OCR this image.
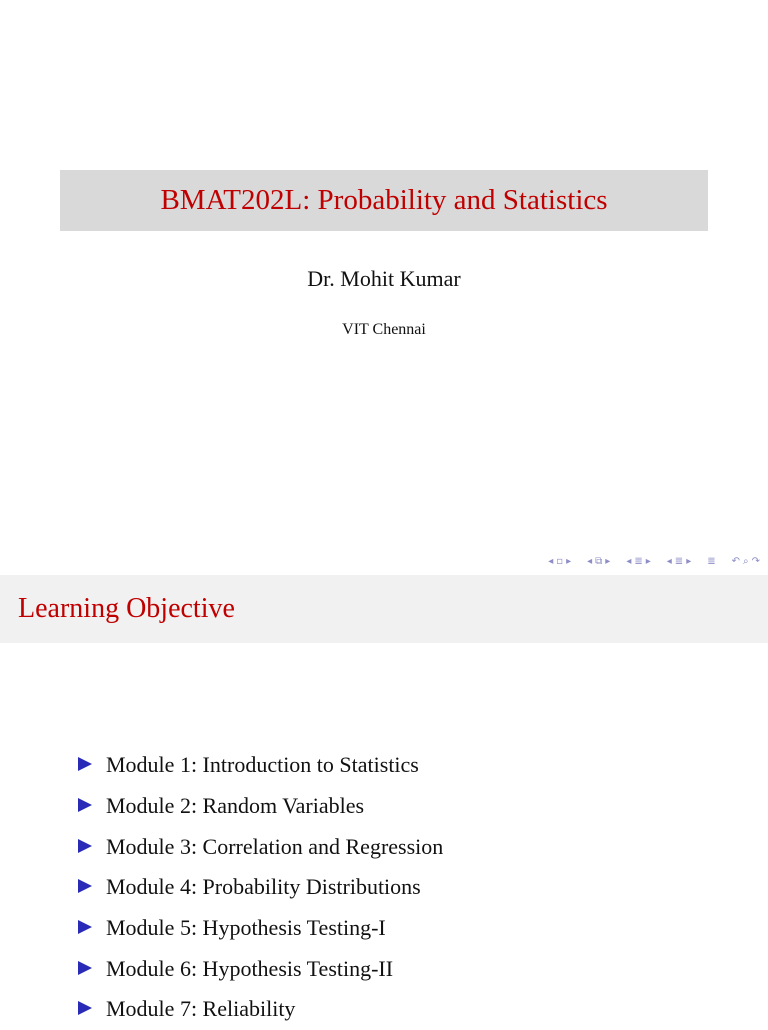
BMAT202L: Probability and Statistics
Dr. Mohit Kumar
VIT Chennai
◂ ▫ ▸ ◂ ⧉ ▸ ◂ ≣ ▸ ◂ ≣ ▸ ≣ ↶ ⌕ ↷
Learning Objective
Module 1: Introduction to Statistics
Module 2: Random Variables
Module 3: Correlation and Regression
Module 4: Probability Distributions
Module 5: Hypothesis Testing-I
Module 6: Hypothesis Testing-II
Module 7: Reliability
